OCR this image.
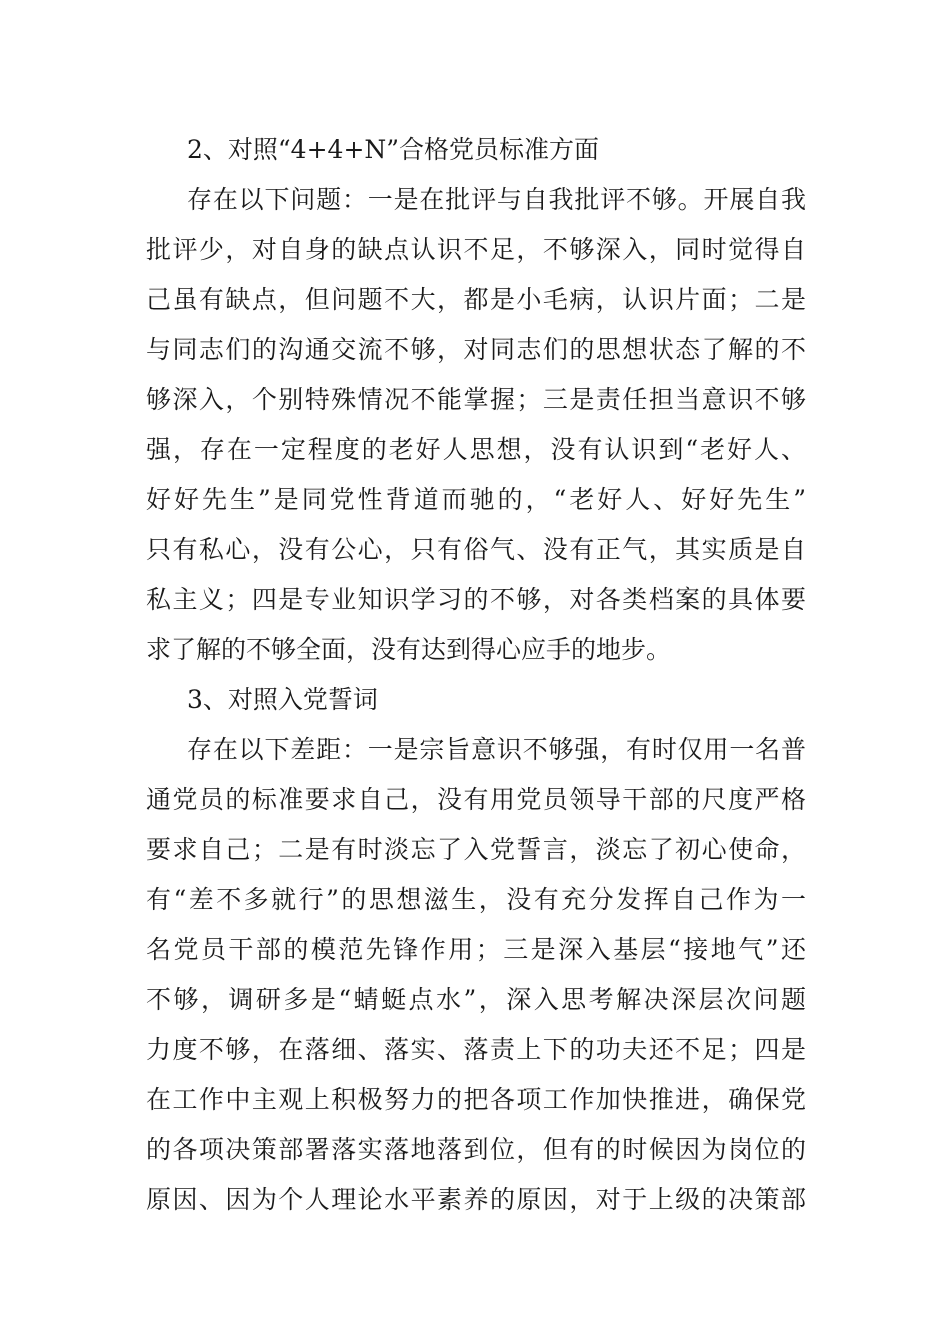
2、对照“4+4+N”合格党员标准方面

存在以下问题：一是在批评与自我批评不够。开展自我

批评少，对自身的缺点认识不足，不够深入，同时觉得自

己虽有缺点，但问题不大，都是小毛病，认识片面；二是

与同志们的沟通交流不够，对同志们的思想状态了解的不

够深入，个别特殊情况不能掌握；三是责任担当意识不够

强，存在一定程度的老好人思想，没有认识到“老好人、

好好先生”是同党性背道而驰的，“老好人、好好先生”

只有私心，没有公心，只有俗气、没有正气，其实质是自

私主义；四是专业知识学习的不够，对各类档案的具体要

求了解的不够全面，没有达到得心应手的地步。

3、对照入党誓词

存在以下差距：一是宗旨意识不够强，有时仅用一名普

通党员的标准要求自己，没有用党员领导干部的尺度严格

要求自己；二是有时淡忘了入党誓言，淡忘了初心使命，

有“差不多就行”的思想滋生，没有充分发挥自己作为一

名党员干部的模范先锋作用；三是深入基层“接地气”还

不够，调研多是“蜻蜓点水”，深入思考解决深层次问题

力度不够，在落细、落实、落责上下的功夫还不足；四是

在工作中主观上积极努力的把各项工作加快推进，确保党

的各项决策部署落实落地落到位，但有的时候因为岗位的

原因、因为个人理论水平素养的原因，对于上级的决策部
